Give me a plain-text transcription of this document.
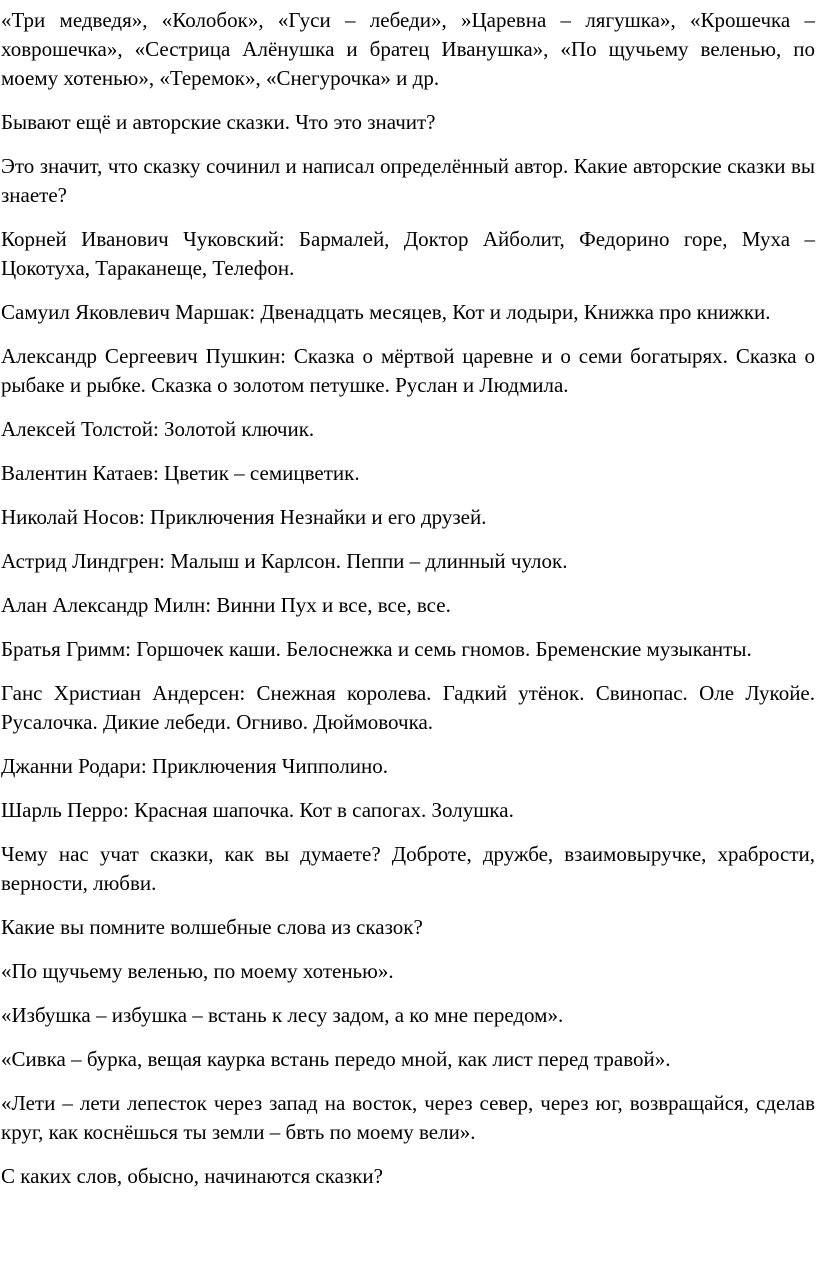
«Три медведя», «Колобок», «Гуси – лебеди», »Царевна – лягушка», «Крошечка – ховрошечка», «Сестрица Алёнушка и братец Иванушка», «По щучьему веленью, по моему хотенью», «Теремок», «Снегурочка» и др.

Бывают ещё и авторские сказки. Что это значит?

Это значит, что сказку сочинил и написал определённый автор. Какие авторские сказки вы знаете?

Корней Иванович Чуковский: Бармалей, Доктор Айболит, Федорино горе, Муха – Цокотуха, Тараканеще, Телефон.

Самуил Яковлевич Маршак: Двенадцать месяцев, Кот и лодыри, Книжка про книжки.

Александр Сергеевич Пушкин: Сказка о мёртвой царевне и о семи богатырях. Сказка о рыбаке и рыбке. Сказка о золотом петушке. Руслан и Людмила.

Алексей Толстой: Золотой ключик.

Валентин Катаев: Цветик – семицветик.

Николай Носов: Приключения Незнайки и его друзей.

Астрид Линдгрен: Малыш и Карлсон. Пеппи – длинный чулок.

Алан Александр Милн: Винни Пух и все, все, все.

Братья Гримм: Горшочек каши. Белоснежка и семь гномов. Бременские музыканты.

Ганс Христиан Андерсен: Снежная королева. Гадкий утёнок. Свинопас. Оле Лукойе. Русалочка. Дикие лебеди. Огниво. Дюймовочка.

Джанни Родари: Приключения Чипполино.

Шарль Перро: Красная шапочка. Кот в сапогах. Золушка.

Чему нас учат сказки, как вы думаете? Доброте, дружбе, взаимовыручке, храбрости, верности, любви.

Какие вы помните волшебные слова из сказок?

«По щучьему веленью, по моему хотенью».

«Избушка – избушка – встань к лесу задом, а ко мне передом».

«Сивка – бурка, вещая каурка встань передо мной, как лист перед травой».

«Лети – лети лепесток через запад на восток, через север, через юг, возвращайся, сделав круг, как коснёшься ты земли – бвть по моему вели».

С каких слов, обысно, начинаются сказки?
